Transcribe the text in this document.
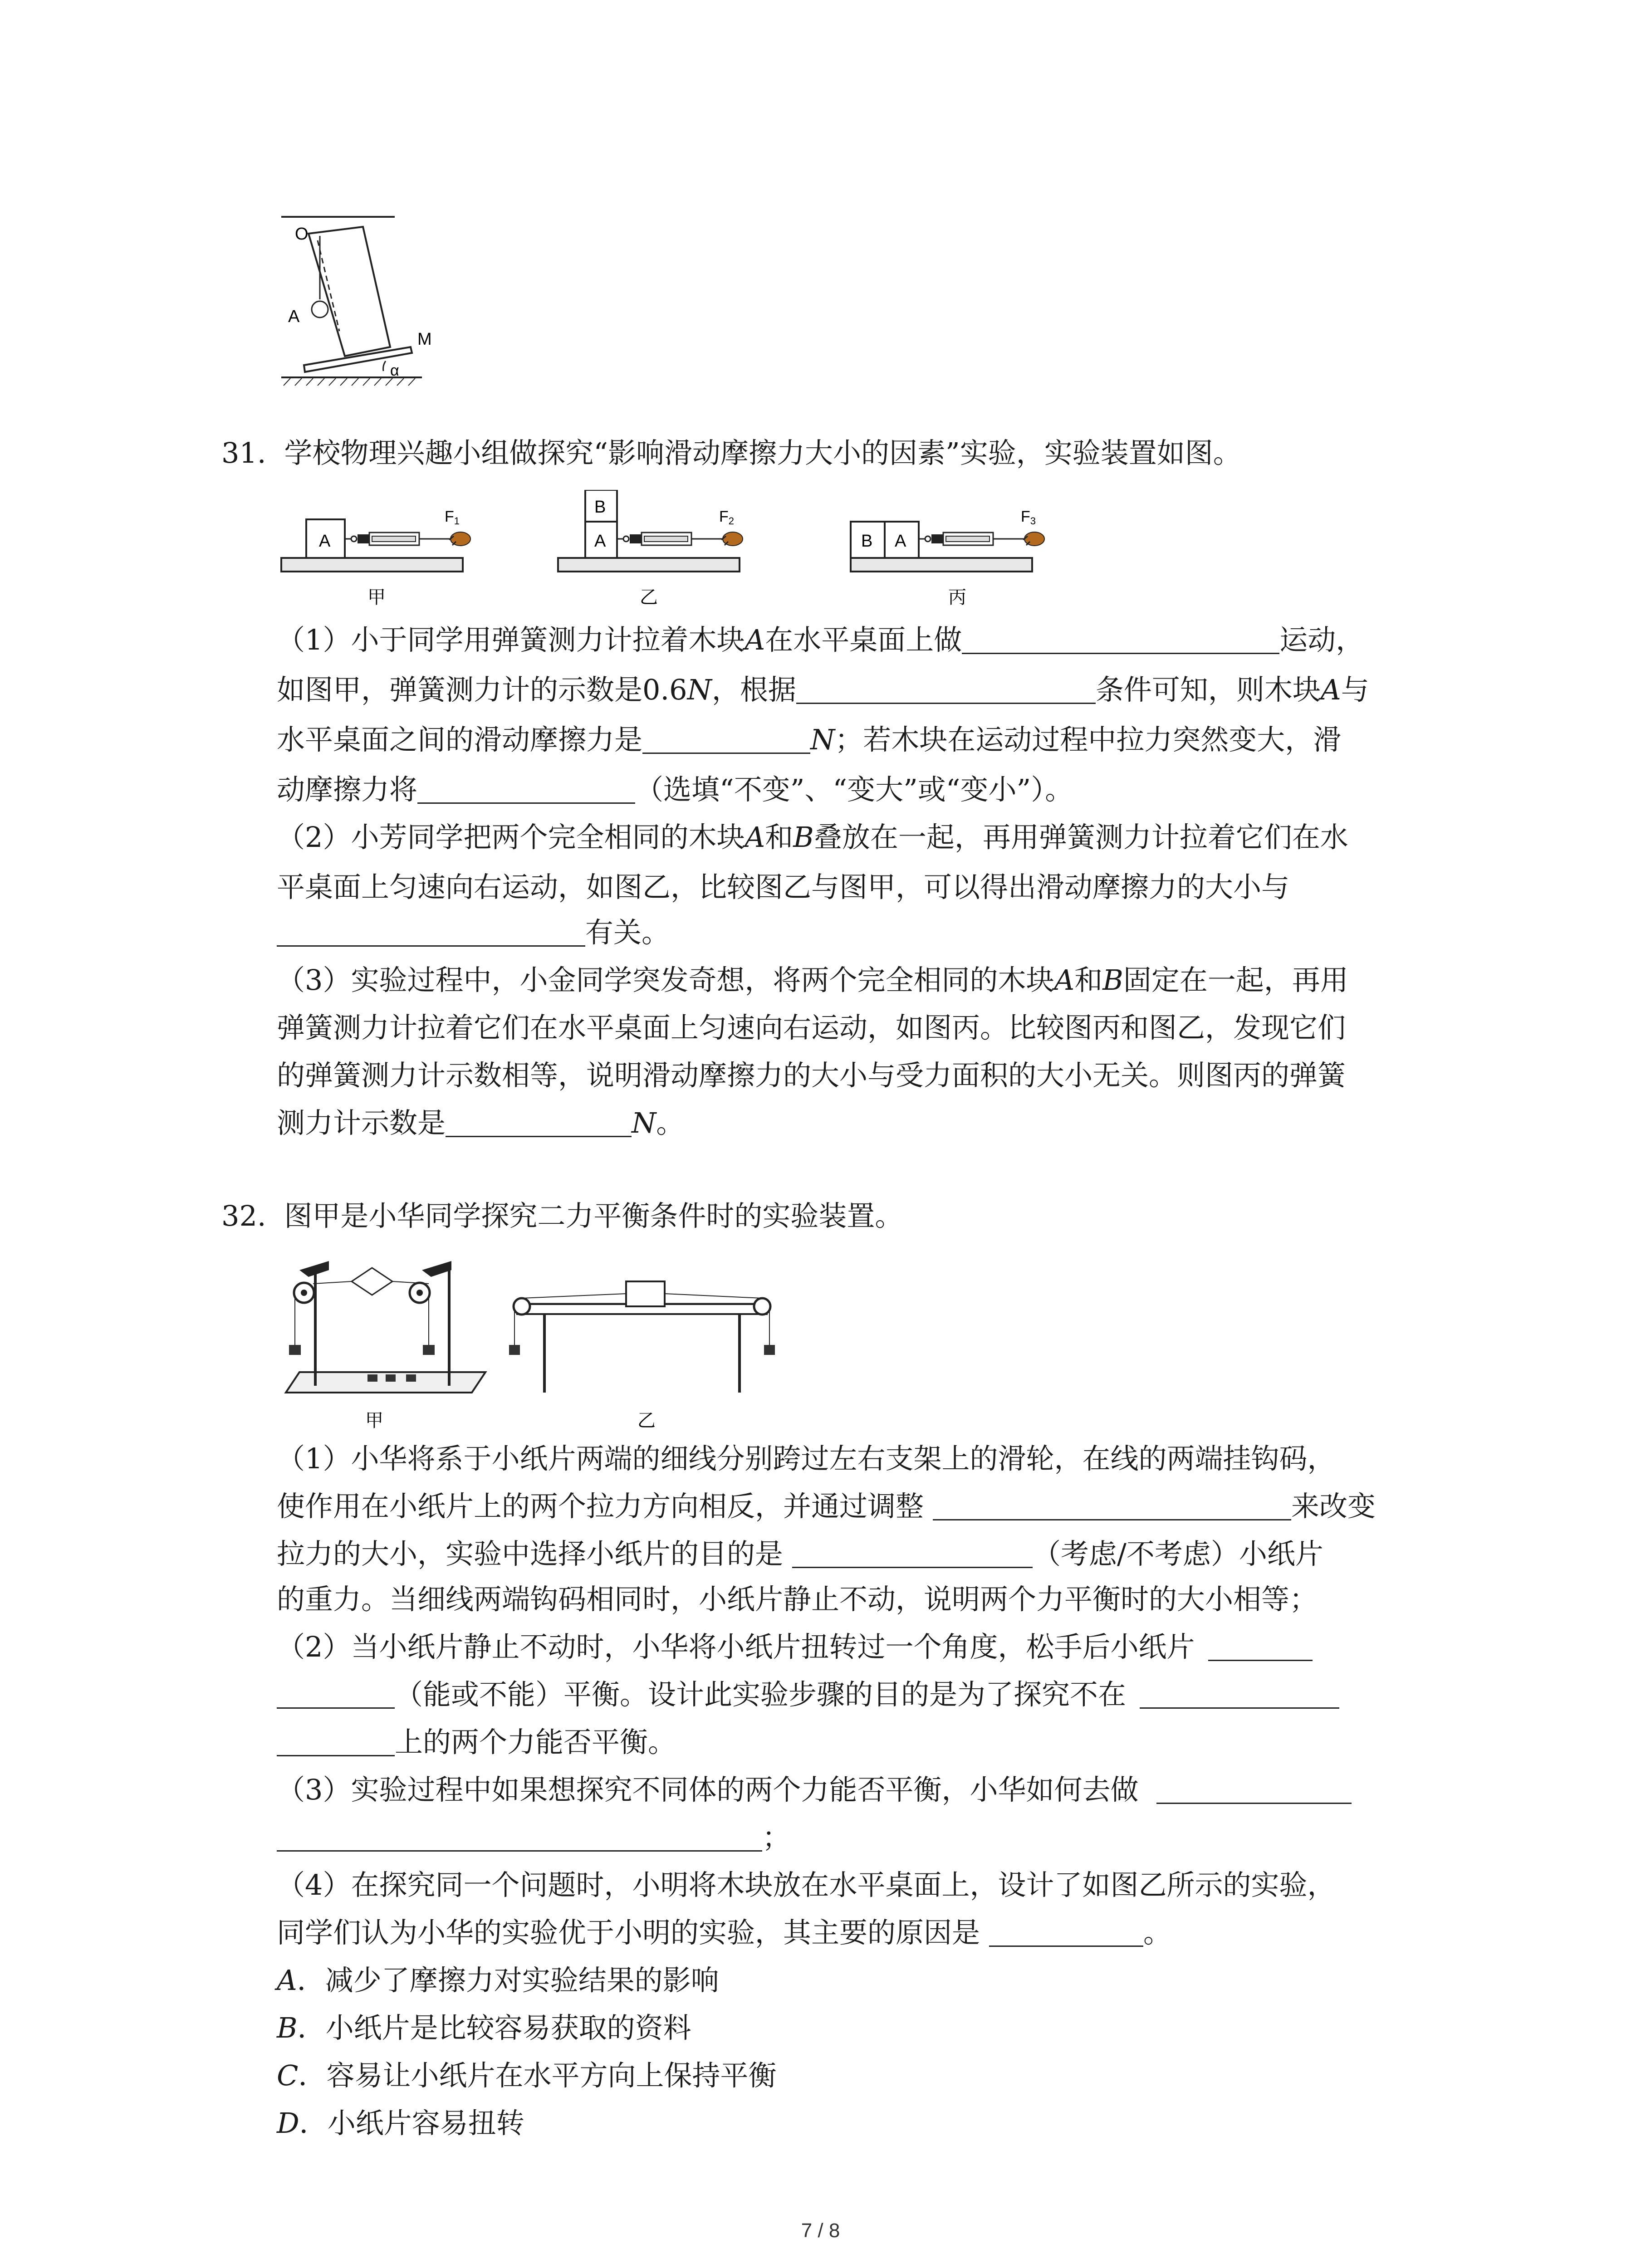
O
A
M
α
31. 学校物理兴趣小组做探究“影响滑动摩擦力大小的因素”实验，实验装置如图。
A
F1
B
A
F2
B A
F3
甲	乙	丙
（1）小于同学用弹簧测力计拉着木块A在水平桌面上做	运动，
如图甲，弹簧测力计的示数是0.6N，根据	条件可知，则木块A与
水平桌面之间的滑动摩擦力是	N；若木块在运动过程中拉力突然变大，滑
动摩擦力将	（选填“不变”、“变大”或“变小”）。
（2）小芳同学把两个完全相同的木块A和B叠放在一起，再用弹簧测力计拉着它们在水
平桌面上匀速向右运动，如图乙，比较图乙与图甲，可以得出滑动摩擦力的大小与
有关。
（3）实验过程中，小金同学突发奇想，将两个完全相同的木块A和B固定在一起，再用
弹簧测力计拉着它们在水平桌面上匀速向右运动，如图丙。比较图丙和图乙，发现它们
的弹簧测力计示数相等，说明滑动摩擦力的大小与受力面积的大小无关。则图丙的弹簧
测力计示数是	N。
32. 图甲是小华同学探究二力平衡条件时的实验装置。
甲	乙
（1）小华将系于小纸片两端的细线分别跨过左右支架上的滑轮，在线的两端挂钩码，
使作用在小纸片上的两个拉力方向相反，并通过调整	来改变
拉力的大小，实验中选择小纸片的目的是	（考虑/不考虑）小纸片
的重力。当细线两端钩码相同时，小纸片静止不动，说明两个力平衡时的大小相等；
（2）当小纸片静止不动时，小华将小纸片扭转过一个角度，松手后小纸片
（能或不能）平衡。设计此实验步骤的目的是为了探究不在
上的两个力能否平衡。
（3）实验过程中如果想探究不同体的两个力能否平衡，小华如何去做
；
（4）在探究同一个问题时，小明将木块放在水平桌面上，设计了如图乙所示的实验，
同学们认为小华的实验优于小明的实验，其主要的原因是	。
A．减少了摩擦力对实验结果的影响
B．小纸片是比较容易获取的资料
C．容易让小纸片在水平方向上保持平衡
D．小纸片容易扭转
7 / 8
